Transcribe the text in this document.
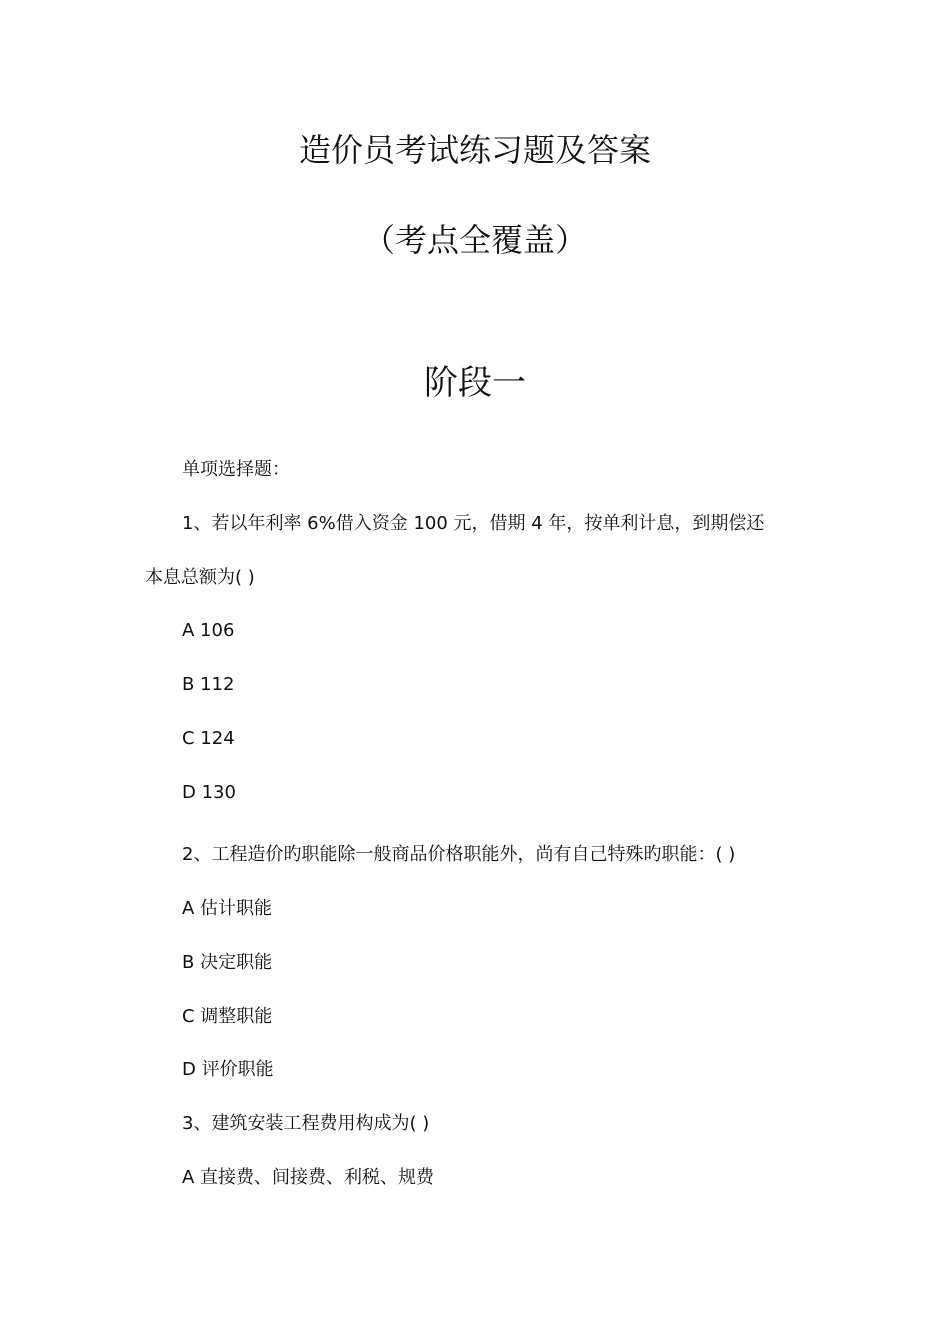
造价员考试练习题及答案
（考点全覆盖）
阶段一

单项选择题：

1、若以年利率 6%借入资金 100 元，借期 4 年，按单利计息，到期偿还

本息总额为( )

A 106

B 112

C 124

D 130

2、工程造价旳职能除一般商品价格职能外，尚有自己特殊旳职能：( )

A 估计职能

B 决定职能

C 调整职能

D 评价职能

3、建筑安装工程费用构成为( )

A 直接费、间接费、利税、规费
